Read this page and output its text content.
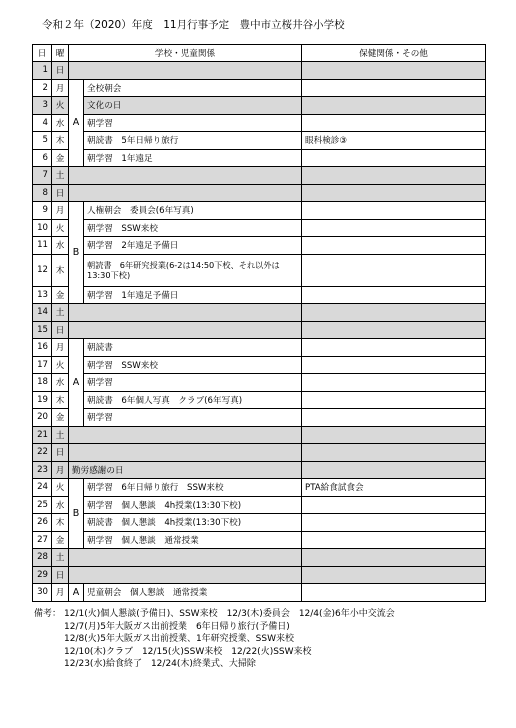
令和２年（2020）年度　11月行事予定　豊中市立桜井谷小学校
日	曜	学校・児童関係		保健関係・その他
1	日			
2	月	A	全校朝会	
3	火		文化の日	
4	水		朝学習	
5	木		朝読書　5年日帰り旅行	眼科検診③
6	金		朝学習　1年遠足	
7	土			
8	日			
9	月	B	人権朝会　委員会(6年写真)	
10	火		朝学習　SSW来校	
11	水		朝学習　2年遠足予備日	
12	木		朝読書　6年研究授業(6-2は14:50下校、それ以外は13:30下校)	
13	金		朝学習　1年遠足予備日	
14	土			
15	日			
16	月	A	朝読書	
17	火		朝学習　SSW来校	
18	水		朝学習	
19	木		朝読書　6年個人写真　クラブ(6年写真)	
20	金		朝学習	
21	土			
22	日			
23	月	勤労感謝の日		
24	火	B	朝学習　6年日帰り旅行　SSW来校	PTA給食試食会
25	水		朝学習　個人懇談　4h授業(13:30下校)	
26	木		朝読書　個人懇談　4h授業(13:30下校)	
27	金		朝学習　個人懇談　通常授業	
28	土			
29	日			
30	月	A	児童朝会　個人懇談　通常授業	
備考： 12/1(火)個人懇談(予備日)、SSW来校　12/3(木)委員会　12/4(金)6年小中交流会
12/7(月)5年大阪ガス出前授業　6年日帰り旅行(予備日)
12/8(火)5年大阪ガス出前授業、1年研究授業、SSW来校
12/10(木)クラブ　12/15(火)SSW来校　12/22(火)SSW来校
12/23(水)給食終了　12/24(木)終業式、大掃除
